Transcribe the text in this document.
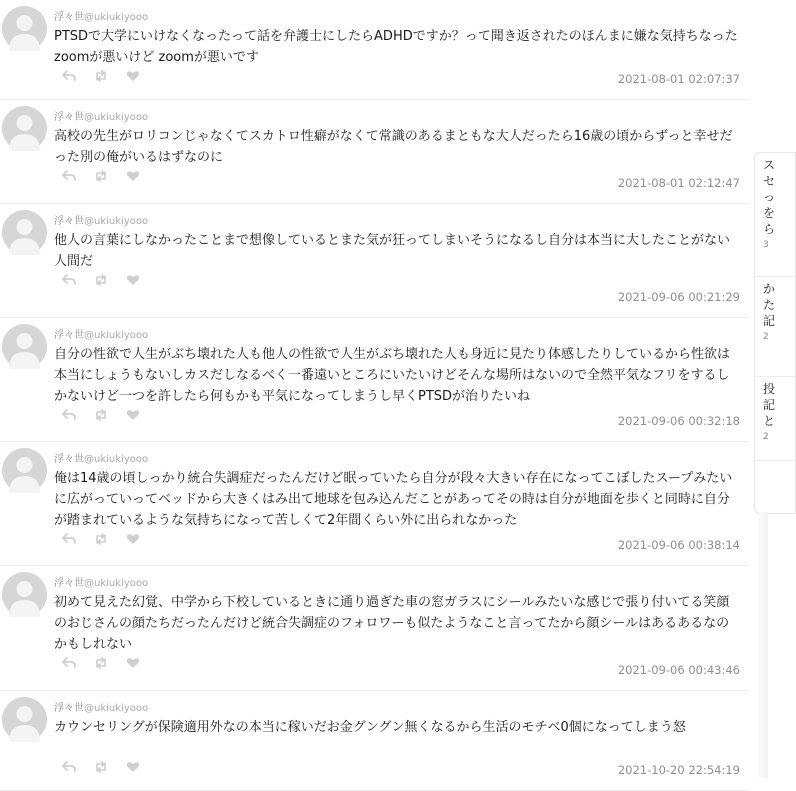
浮々世@ukiukiyooo
PTSDで大学にいけなくなったって話を弁護士にしたらADHDですか？って聞き返されたのほんまに嫌な気持ちなった zoomが悪いけど zoomが悪いです
2021-08-01 02:07:37
浮々世@ukiukiyooo
高校の先生がロリコンじゃなくてスカトロ性癖がなくて常識のあるまともな大人だったら16歳の頃からずっと幸せだった別の俺がいるはずなのに
2021-08-01 02:12:47
浮々世@ukiukiyooo
他人の言葉にしなかったことまで想像しているとまた気が狂ってしまいそうになるし自分は本当に大したことがない人間だ
2021-09-06 00:21:29
浮々世@ukiukiyooo
自分の性欲で人生がぶち壊れた人も他人の性欲で人生がぶち壊れた人も身近に見たり体感したりしているから性欲は本当にしょうもないしカスだしなるべく一番遠いところにいたいけどそんな場所はないので全然平気なフリをするしかないけど一つを許したら何もかも平気になってしまうし早くPTSDが治りたいね
2021-09-06 00:32:18
浮々世@ukiukiyooo
俺は14歳の頃しっかり統合失調症だったんだけど眠っていたら自分が段々大きい存在になってこぼしたスープみたいに広がっていってベッドから大きくはみ出て地球を包み込んだことがあってその時は自分が地面を歩くと同時に自分が踏まれているような気持ちになって苦しくて2年間くらい外に出られなかった
2021-09-06 00:38:14
浮々世@ukiukiyooo
初めて見えた幻覚、中学から下校しているときに通り過ぎた車の窓ガラスにシールみたいな感じで張り付いてる笑顔のおじさんの顔たちだったんだけど統合失調症のフォロワーも似たようなこと言ってたから顔シールはあるあるなのかもしれない
2021-09-06 00:43:46
浮々世@ukiukiyooo
カウンセリングが保険適用外なの本当に稼いだお金グングン無くなるから生活のモチベ0個になってしまう怒
2021-10-20 22:54:19
ス
セ
っ
を
ら
3
か
た
記
2
投
記
と
2
